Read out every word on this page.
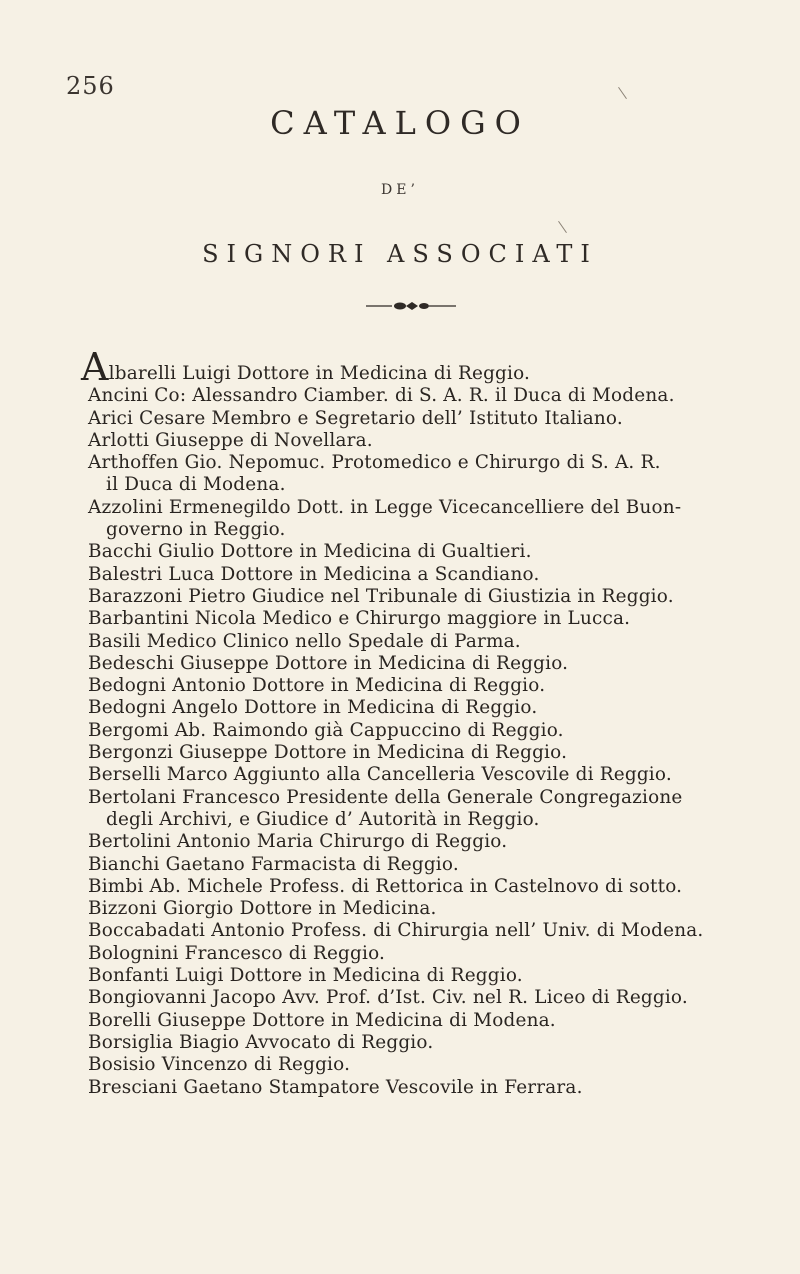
256
CATALOGO
DE’
SIGNORI ASSOCIATI
Albarelli Luigi Dottore in Medicina di Reggio.
Ancini Co: Alessandro Ciamber. di S. A. R. il Duca di Modena.
Arici Cesare Membro e Segretario dell’ Istituto Italiano.
Arlotti Giuseppe di Novellara.
Arthoffen Gio. Nepomuc. Protomedico e Chirurgo di S. A. R.
il Duca di Modena.
Azzolini Ermenegildo Dott. in Legge Vicecancelliere del Buon-
governo in Reggio.
Bacchi Giulio Dottore in Medicina di Gualtieri.
Balestri Luca Dottore in Medicina a Scandiano.
Barazzoni Pietro Giudice nel Tribunale di Giustizia in Reggio.
Barbantini Nicola Medico e Chirurgo maggiore in Lucca.
Basili Medico Clinico nello Spedale di Parma.
Bedeschi Giuseppe Dottore in Medicina di Reggio.
Bedogni Antonio Dottore in Medicina di Reggio.
Bedogni Angelo Dottore in Medicina di Reggio.
Bergomi Ab. Raimondo già Cappuccino di Reggio.
Bergonzi Giuseppe Dottore in Medicina di Reggio.
Berselli Marco Aggiunto alla Cancelleria Vescovile di Reggio.
Bertolani Francesco Presidente della Generale Congregazione
degli Archivi, e Giudice d’ Autorità in Reggio.
Bertolini Antonio Maria Chirurgo di Reggio.
Bianchi Gaetano Farmacista di Reggio.
Bimbi Ab. Michele Profess. di Rettorica in Castelnovo di sotto.
Bizzoni Giorgio Dottore in Medicina.
Boccabadati Antonio Profess. di Chirurgia nell’ Univ. di Modena.
Bolognini Francesco di Reggio.
Bonfanti Luigi Dottore in Medicina di Reggio.
Bongiovanni Jacopo Avv. Prof. d’Ist. Civ. nel R. Liceo di Reggio.
Borelli Giuseppe Dottore in Medicina di Modena.
Borsiglia Biagio Avvocato di Reggio.
Bosisio Vincenzo di Reggio.
Bresciani Gaetano Stampatore Vescovile in Ferrara.
